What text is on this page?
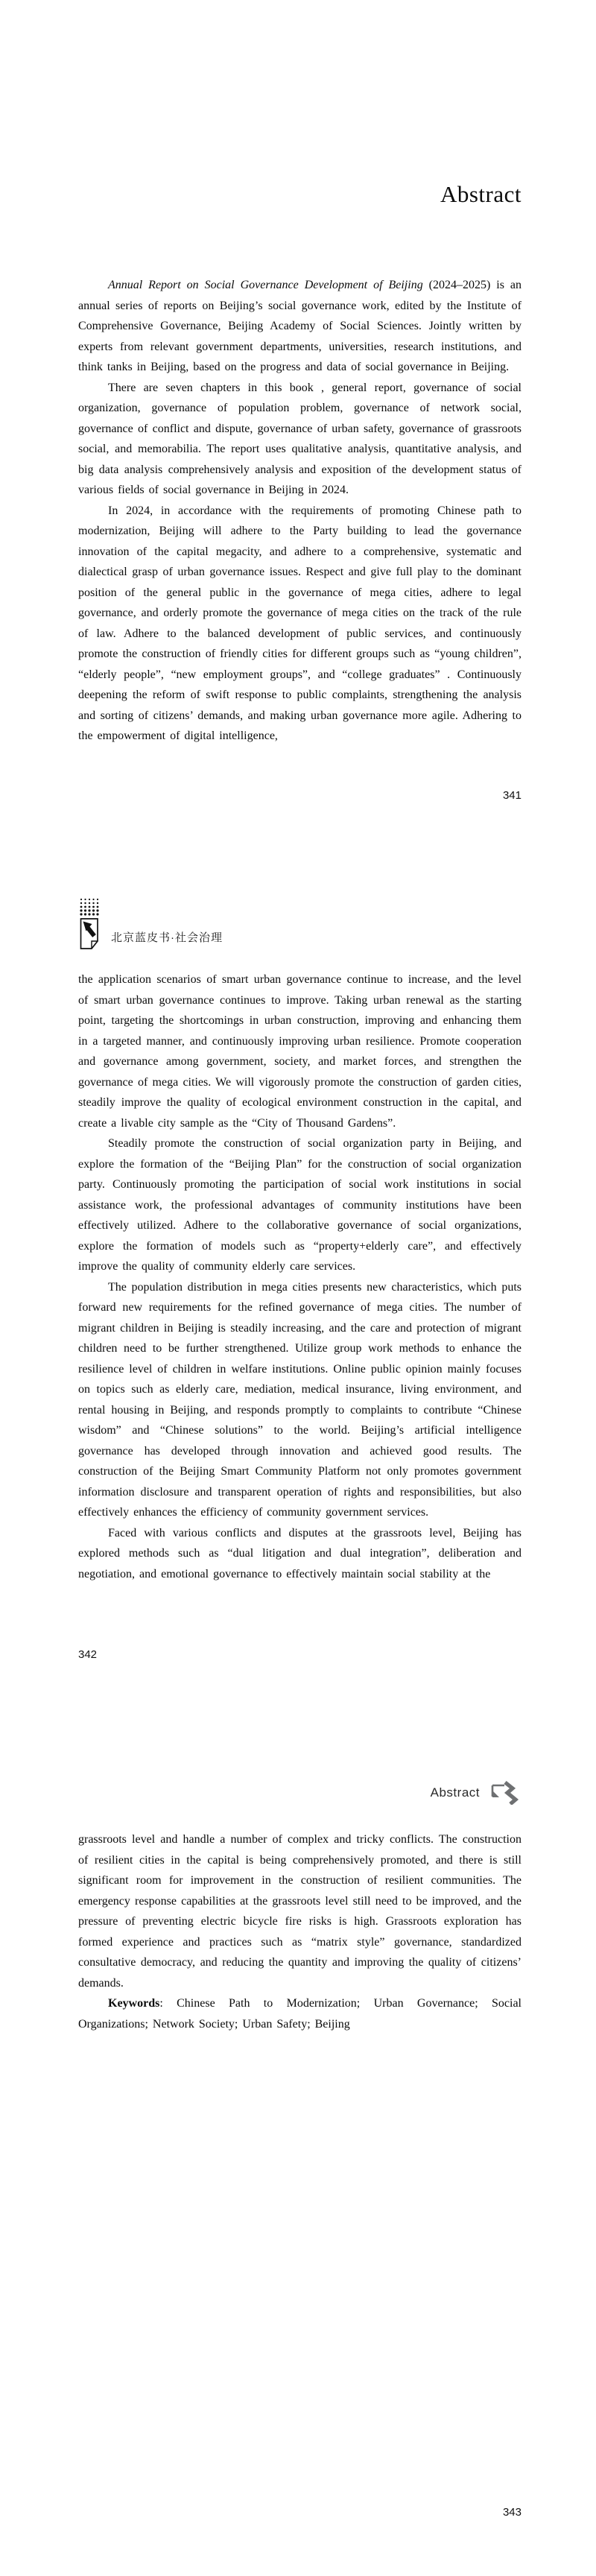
Abstract

Annual Report on Social Governance Development of Beijing (2024–2025) is an annual series of reports on Beijing’s social governance work, edited by the Institute of Comprehensive Governance, Beijing Academy of Social Sciences. Jointly written by experts from relevant government departments, universities, research institutions, and think tanks in Beijing, based on the progress and data of social governance in Beijing.

There are seven chapters in this book , general report, governance of social organization, governance of population problem, governance of network social, governance of conflict and dispute, governance of urban safety, governance of grassroots social, and memorabilia. The report uses qualitative analysis, quantitative analysis, and big data analysis comprehensively analysis and exposition of the development status of various fields of social governance in Beijing in 2024.

In 2024, in accordance with the requirements of promoting Chinese path to modernization, Beijing will adhere to the Party building to lead the governance innovation of the capital megacity, and adhere to a comprehensive, systematic and dialectical grasp of urban governance issues. Respect and give full play to the dominant position of the general public in the governance of mega cities, adhere to legal governance, and orderly promote the governance of mega cities on the track of the rule of law. Adhere to the balanced development of public services, and continuously promote the construction of friendly cities for different groups such as “young children”, “elderly people”, “new employment groups”, and “college graduates” . Continuously deepening the reform of swift response to public complaints, strengthening the analysis and sorting of citizens’ demands, and making urban governance more agile. Adhering to the empowerment of digital intelligence,

341
北京蓝皮书·社会治理

the application scenarios of smart urban governance continue to increase, and the level of smart urban governance continues to improve. Taking urban renewal as the starting point, targeting the shortcomings in urban construction, improving and enhancing them in a targeted manner, and continuously improving urban resilience. Promote cooperation and governance among government, society, and market forces, and strengthen the governance of mega cities. We will vigorously promote the construction of garden cities, steadily improve the quality of ecological environment construction in the capital, and create a livable city sample as the “City of Thousand Gardens”.

Steadily promote the construction of social organization party in Beijing, and explore the formation of the “Beijing Plan” for the construction of social organization party. Continuously promoting the participation of social work institutions in social assistance work, the professional advantages of community institutions have been effectively utilized. Adhere to the collaborative governance of social organizations, explore the formation of models such as “property+elderly care”, and effectively improve the quality of community elderly care services.

The population distribution in mega cities presents new characteristics, which puts forward new requirements for the refined governance of mega cities. The number of migrant children in Beijing is steadily increasing, and the care and protection of migrant children need to be further strengthened. Utilize group work methods to enhance the resilience level of children in welfare institutions. Online public opinion mainly focuses on topics such as elderly care, mediation, medical insurance, living environment, and rental housing in Beijing, and responds promptly to complaints to contribute “Chinese wisdom” and “Chinese solutions” to the world. Beijing’s artificial intelligence governance has developed through innovation and achieved good results. The construction of the Beijing Smart Community Platform not only promotes government information disclosure and transparent operation of rights and responsibilities, but also effectively enhances the efficiency of community government services.

Faced with various conflicts and disputes at the grassroots level, Beijing has explored methods such as “dual litigation and dual integration”, deliberation and negotiation, and emotional governance to effectively maintain social stability at the

342
Abstract

grassroots level and handle a number of complex and tricky conflicts. The construction of resilient cities in the capital is being comprehensively promoted, and there is still significant room for improvement in the construction of resilient communities. The emergency response capabilities at the grassroots level still need to be improved, and the pressure of preventing electric bicycle fire risks is high. Grassroots exploration has formed experience and practices such as “matrix style” governance, standardized consultative democracy, and reducing the quantity and improving the quality of citizens’ demands.

Keywords: Chinese Path to Modernization; Urban Governance; Social Organizations; Network Society; Urban Safety; Beijing

343
